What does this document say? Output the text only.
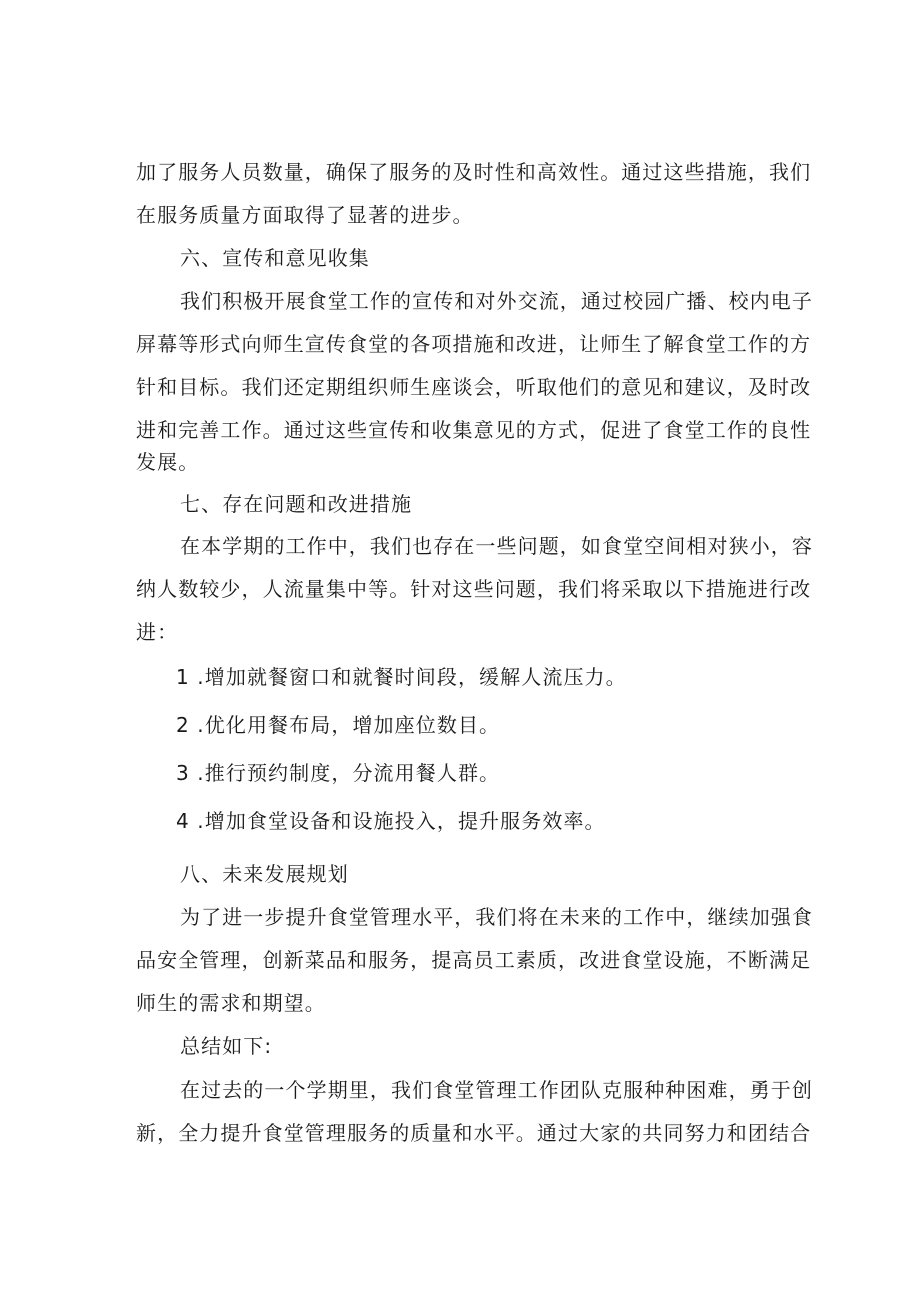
加了服务人员数量，确保了服务的及时性和高效性。通过这些措施，我们
在服务质量方面取得了显著的进步。
六、宣传和意见收集
我们积极开展食堂工作的宣传和对外交流，通过校园广播、校内电子
屏幕等形式向师生宣传食堂的各项措施和改进，让师生了解食堂工作的方
针和目标。我们还定期组织师生座谈会，听取他们的意见和建议，及时改
进和完善工作。通过这些宣传和收集意见的方式，促进了食堂工作的良性
发展。
七、存在问题和改进措施
在本学期的工作中，我们也存在一些问题，如食堂空间相对狭小，容
纳人数较少，人流量集中等。针对这些问题，我们将采取以下措施进行改
进：
1 .增加就餐窗口和就餐时间段，缓解人流压力。
2 .优化用餐布局，增加座位数目。
3 .推行预约制度，分流用餐人群。
4 .增加食堂设备和设施投入，提升服务效率。
八、未来发展规划
为了进一步提升食堂管理水平，我们将在未来的工作中，继续加强食
品安全管理，创新菜品和服务，提高员工素质，改进食堂设施，不断满足
师生的需求和期望。
总结如下:
在过去的一个学期里，我们食堂管理工作团队克服种种困难，勇于创
新，全力提升食堂管理服务的质量和水平。通过大家的共同努力和团结合
